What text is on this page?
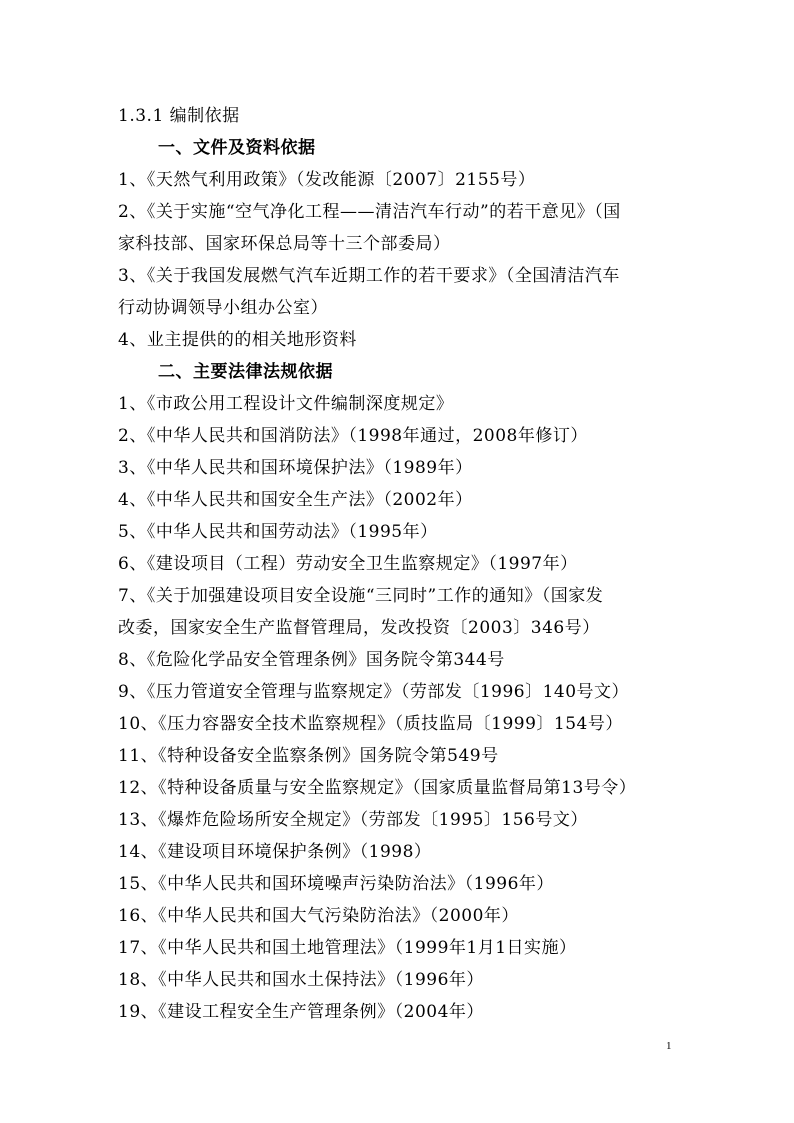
1.3.1 编制依据
一、文件及资料依据
1、《天然气利用政策》（发改能源〔2007〕2155号）
2、《关于实施“空气净化工程——清洁汽车行动”的若干意见》（国
家科技部、国家环保总局等十三个部委局）
3、《关于我国发展燃气汽车近期工作的若干要求》（全国清洁汽车
行动协调领导小组办公室）
4、业主提供的的相关地形资料
二、主要法律法规依据
1、《市政公用工程设计文件编制深度规定》
2、《中华人民共和国消防法》（1998年通过，2008年修订）
3、《中华人民共和国环境保护法》（1989年）
4、《中华人民共和国安全生产法》（2002年）
5、《中华人民共和国劳动法》（1995年）
6、《建设项目（工程）劳动安全卫生监察规定》（1997年）
7、《关于加强建设项目安全设施“三同时”工作的通知》（国家发
改委，国家安全生产监督管理局，发改投资〔2003〕346号）
8、《危险化学品安全管理条例》国务院令第344号
9、《压力管道安全管理与监察规定》（劳部发〔1996〕140号文）
10、《压力容器安全技术监察规程》（质技监局〔1999〕154号）
11、《特种设备安全监察条例》国务院令第549号
12、《特种设备质量与安全监察规定》（国家质量监督局第13号令）
13、《爆炸危险场所安全规定》（劳部发〔1995〕156号文）
14、《建设项目环境保护条例》（1998）
15、《中华人民共和国环境噪声污染防治法》（1996年）
16、《中华人民共和国大气污染防治法》（2000年）
17、《中华人民共和国土地管理法》（1999年1月1日实施）
18、《中华人民共和国水土保持法》（1996年）
19、《建设工程安全生产管理条例》（2004年）
1
